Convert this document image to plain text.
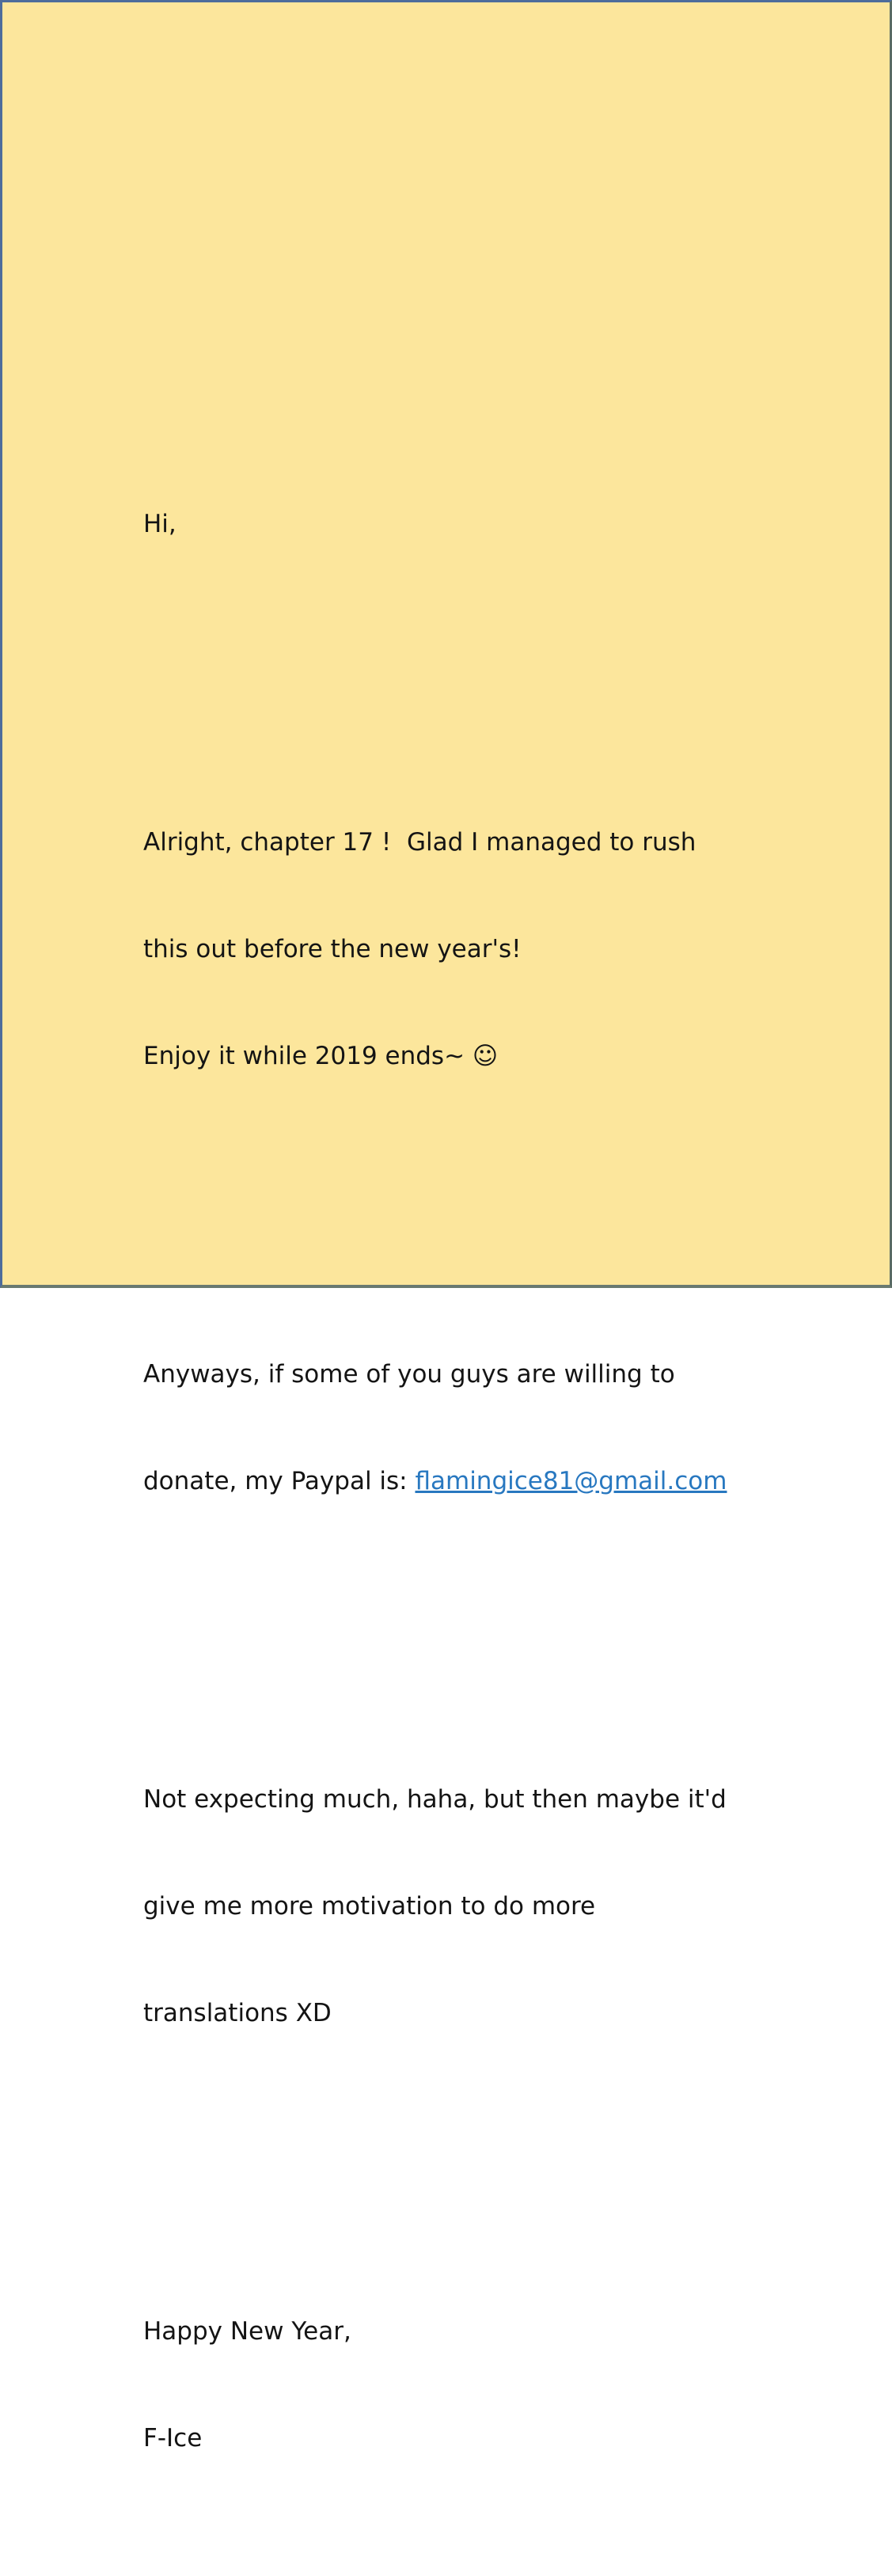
Hi,

Alright, chapter 17 !  Glad I managed to rush

this out before the new year's!

Enjoy it while 2019 ends~ ☺

Anyways, if some of you guys are willing to

donate, my Paypal is: flamingice81@gmail.com

Not expecting much, haha, but then maybe it'd

give me more motivation to do more

translations XD

Happy New Year,

F-Ice
